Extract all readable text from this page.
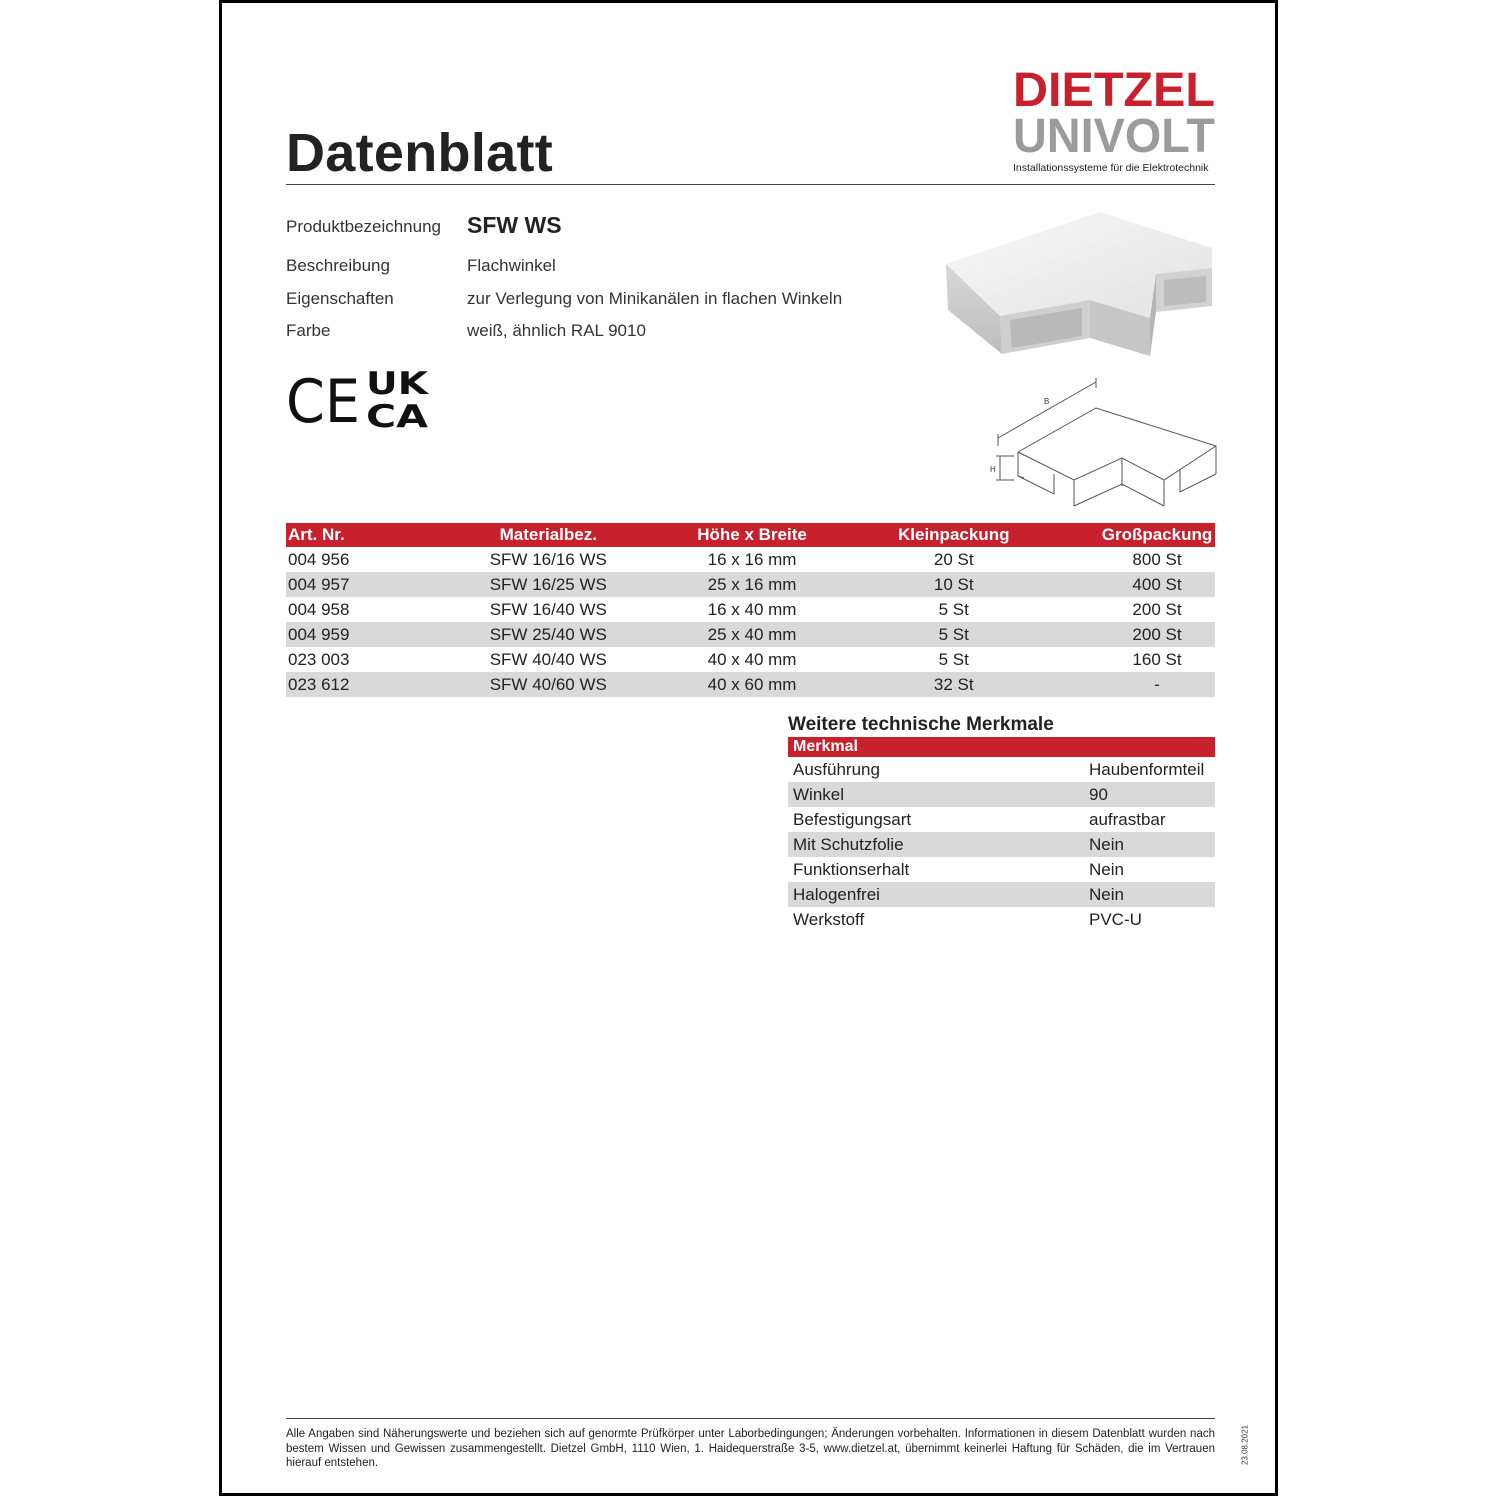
Datenblatt
DIETZEL
UNIVOLT
Installationssysteme für die Elektrotechnik
Produktbezeichnung SFW WS
Beschreibung	Flachwinkel
Eigenschaften	zur Verlegung von Minikanälen in flachen Winkeln
Farbe	weiß, ähnlich RAL 9010
CE UK
CA	B
H
Art. Nr.	Materialbez.	Höhe x Breite	Kleinpackung	Großpackung
004 956	SFW 16/16 WS	16 x 16 mm	20 St	800 St
004 957	SFW 16/25 WS	25 x 16 mm	10 St	400 St
004 958	SFW 16/40 WS	16 x 40 mm	5 St	200 St
004 959	SFW 25/40 WS	25 x 40 mm	5 St	200 St
023 003	SFW 40/40 WS	40 x 40 mm	5 St	160 St
023 612	SFW 40/60 WS	40 x 60 mm	32 St	-
Weitere technische Merkmale
Merkmal	
Ausführung	Haubenformteil
Winkel	90
Befestigungsart	aufrastbar
Mit Schutzfolie	Nein
Funktionserhalt	Nein
Halogenfrei	Nein
Werkstoff	PVC-U
Alle Angaben sind Näherungswerte und beziehen sich auf genormte Prüfkörper unter Laborbedingungen; Änderungen vorbehalten. Informationen in diesem Datenblatt wurden nach bestem Wissen und Gewissen zusammengestellt. Dietzel GmbH, 1110 Wien, 1. Haidequerstraße 3-5, www.dietzel.at, übernimmt keinerlei Haftung für Schäden, die im Vertrauen hierauf entstehen.	23.08.2021
